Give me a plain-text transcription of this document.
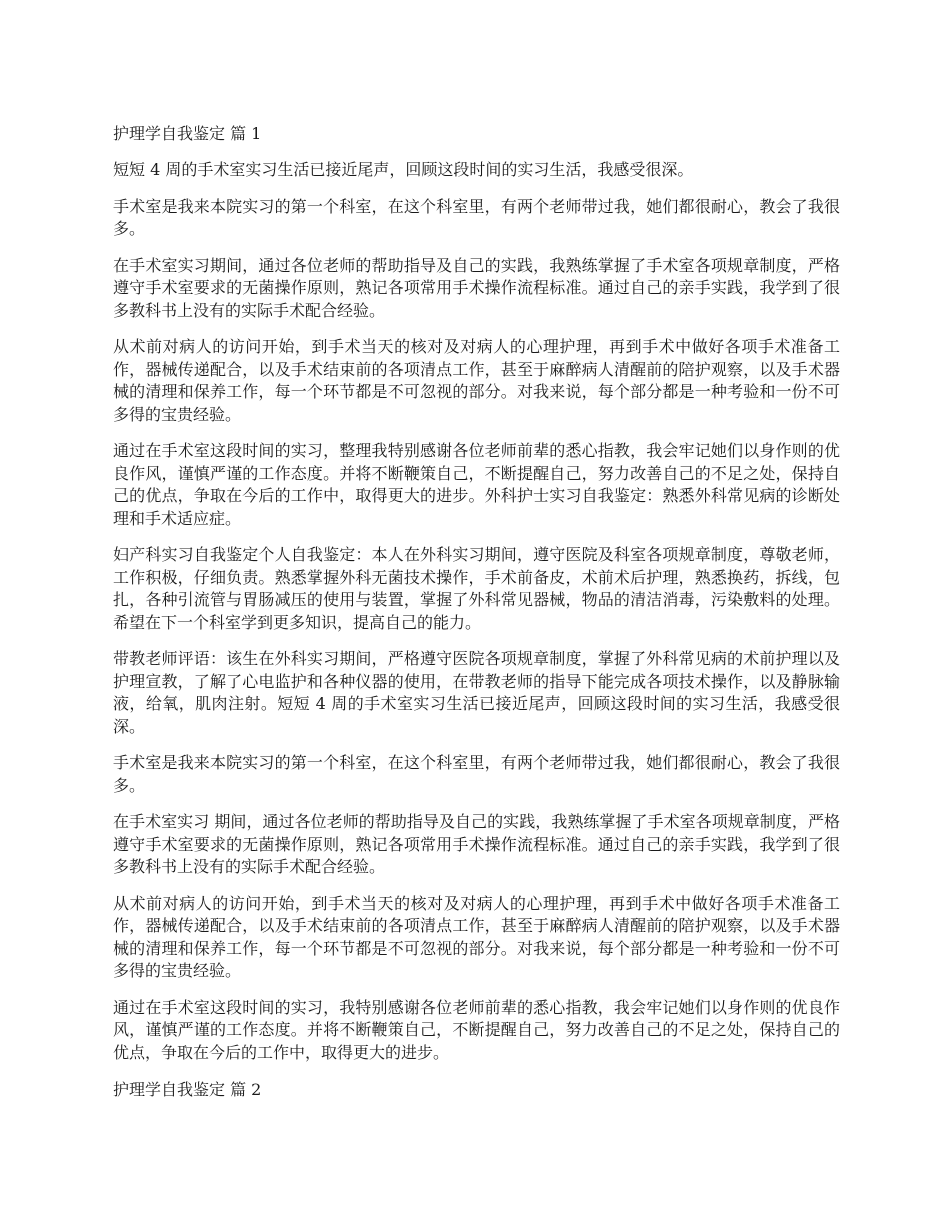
护理学自我鉴定 篇 1

短短 4 周的手术室实习生活已接近尾声，回顾这段时间的实习生活，我感受很深。

手术室是我来本院实习的第一个科室，在这个科室里，有两个老师带过我，她们都很耐心，教会了我很多。

在手术室实习期间，通过各位老师的帮助指导及自己的实践，我熟练掌握了手术室各项规章制度，严格遵守手术室要求的无菌操作原则，熟记各项常用手术操作流程标准。通过自己的亲手实践，我学到了很多教科书上没有的实际手术配合经验。

从术前对病人的访问开始，到手术当天的核对及对病人的心理护理，再到手术中做好各项手术准备工作，器械传递配合，以及手术结束前的各项清点工作，甚至于麻醉病人清醒前的陪护观察，以及手术器械的清理和保养工作，每一个环节都是不可忽视的部分。对我来说，每个部分都是一种考验和一份不可多得的宝贵经验。

通过在手术室这段时间的实习，整理我特别感谢各位老师前辈的悉心指教，我会牢记她们以身作则的优良作风，谨慎严谨的工作态度。并将不断鞭策自己，不断提醒自己，努力改善自己的不足之处，保持自己的优点，争取在今后的工作中，取得更大的进步。外科护士实习自我鉴定：熟悉外科常见病的诊断处理和手术适应症。

妇产科实习自我鉴定个人自我鉴定：本人在外科实习期间，遵守医院及科室各项规章制度，尊敬老师，工作积极，仔细负责。熟悉掌握外科无菌技术操作，手术前备皮，术前术后护理，熟悉换药，拆线，包扎，各种引流管与胃肠减压的使用与装置，掌握了外科常见器械，物品的清洁消毒，污染敷料的处理。希望在下一个科室学到更多知识，提高自己的能力。

带教老师评语：该生在外科实习期间，严格遵守医院各项规章制度，掌握了外科常见病的术前护理以及护理宣教，了解了心电监护和各种仪器的使用，在带教老师的指导下能完成各项技术操作，以及静脉输液，给氧，肌肉注射。短短 4 周的手术室实习生活已接近尾声，回顾这段时间的实习生活，我感受很深。

手术室是我来本院实习的第一个科室，在这个科室里，有两个老师带过我，她们都很耐心，教会了我很多。

在手术室实习 期间，通过各位老师的帮助指导及自己的实践，我熟练掌握了手术室各项规章制度，严格遵守手术室要求的无菌操作原则，熟记各项常用手术操作流程标准。通过自己的亲手实践，我学到了很多教科书上没有的实际手术配合经验。

从术前对病人的访问开始，到手术当天的核对及对病人的心理护理，再到手术中做好各项手术准备工作，器械传递配合，以及手术结束前的各项清点工作，甚至于麻醉病人清醒前的陪护观察，以及手术器械的清理和保养工作，每一个环节都是不可忽视的部分。对我来说，每个部分都是一种考验和一份不可多得的宝贵经验。

通过在手术室这段时间的实习，我特别感谢各位老师前辈的悉心指教，我会牢记她们以身作则的优良作风，谨慎严谨的工作态度。并将不断鞭策自己，不断提醒自己，努力改善自己的不足之处，保持自己的优点，争取在今后的工作中，取得更大的进步。

护理学自我鉴定 篇 2
